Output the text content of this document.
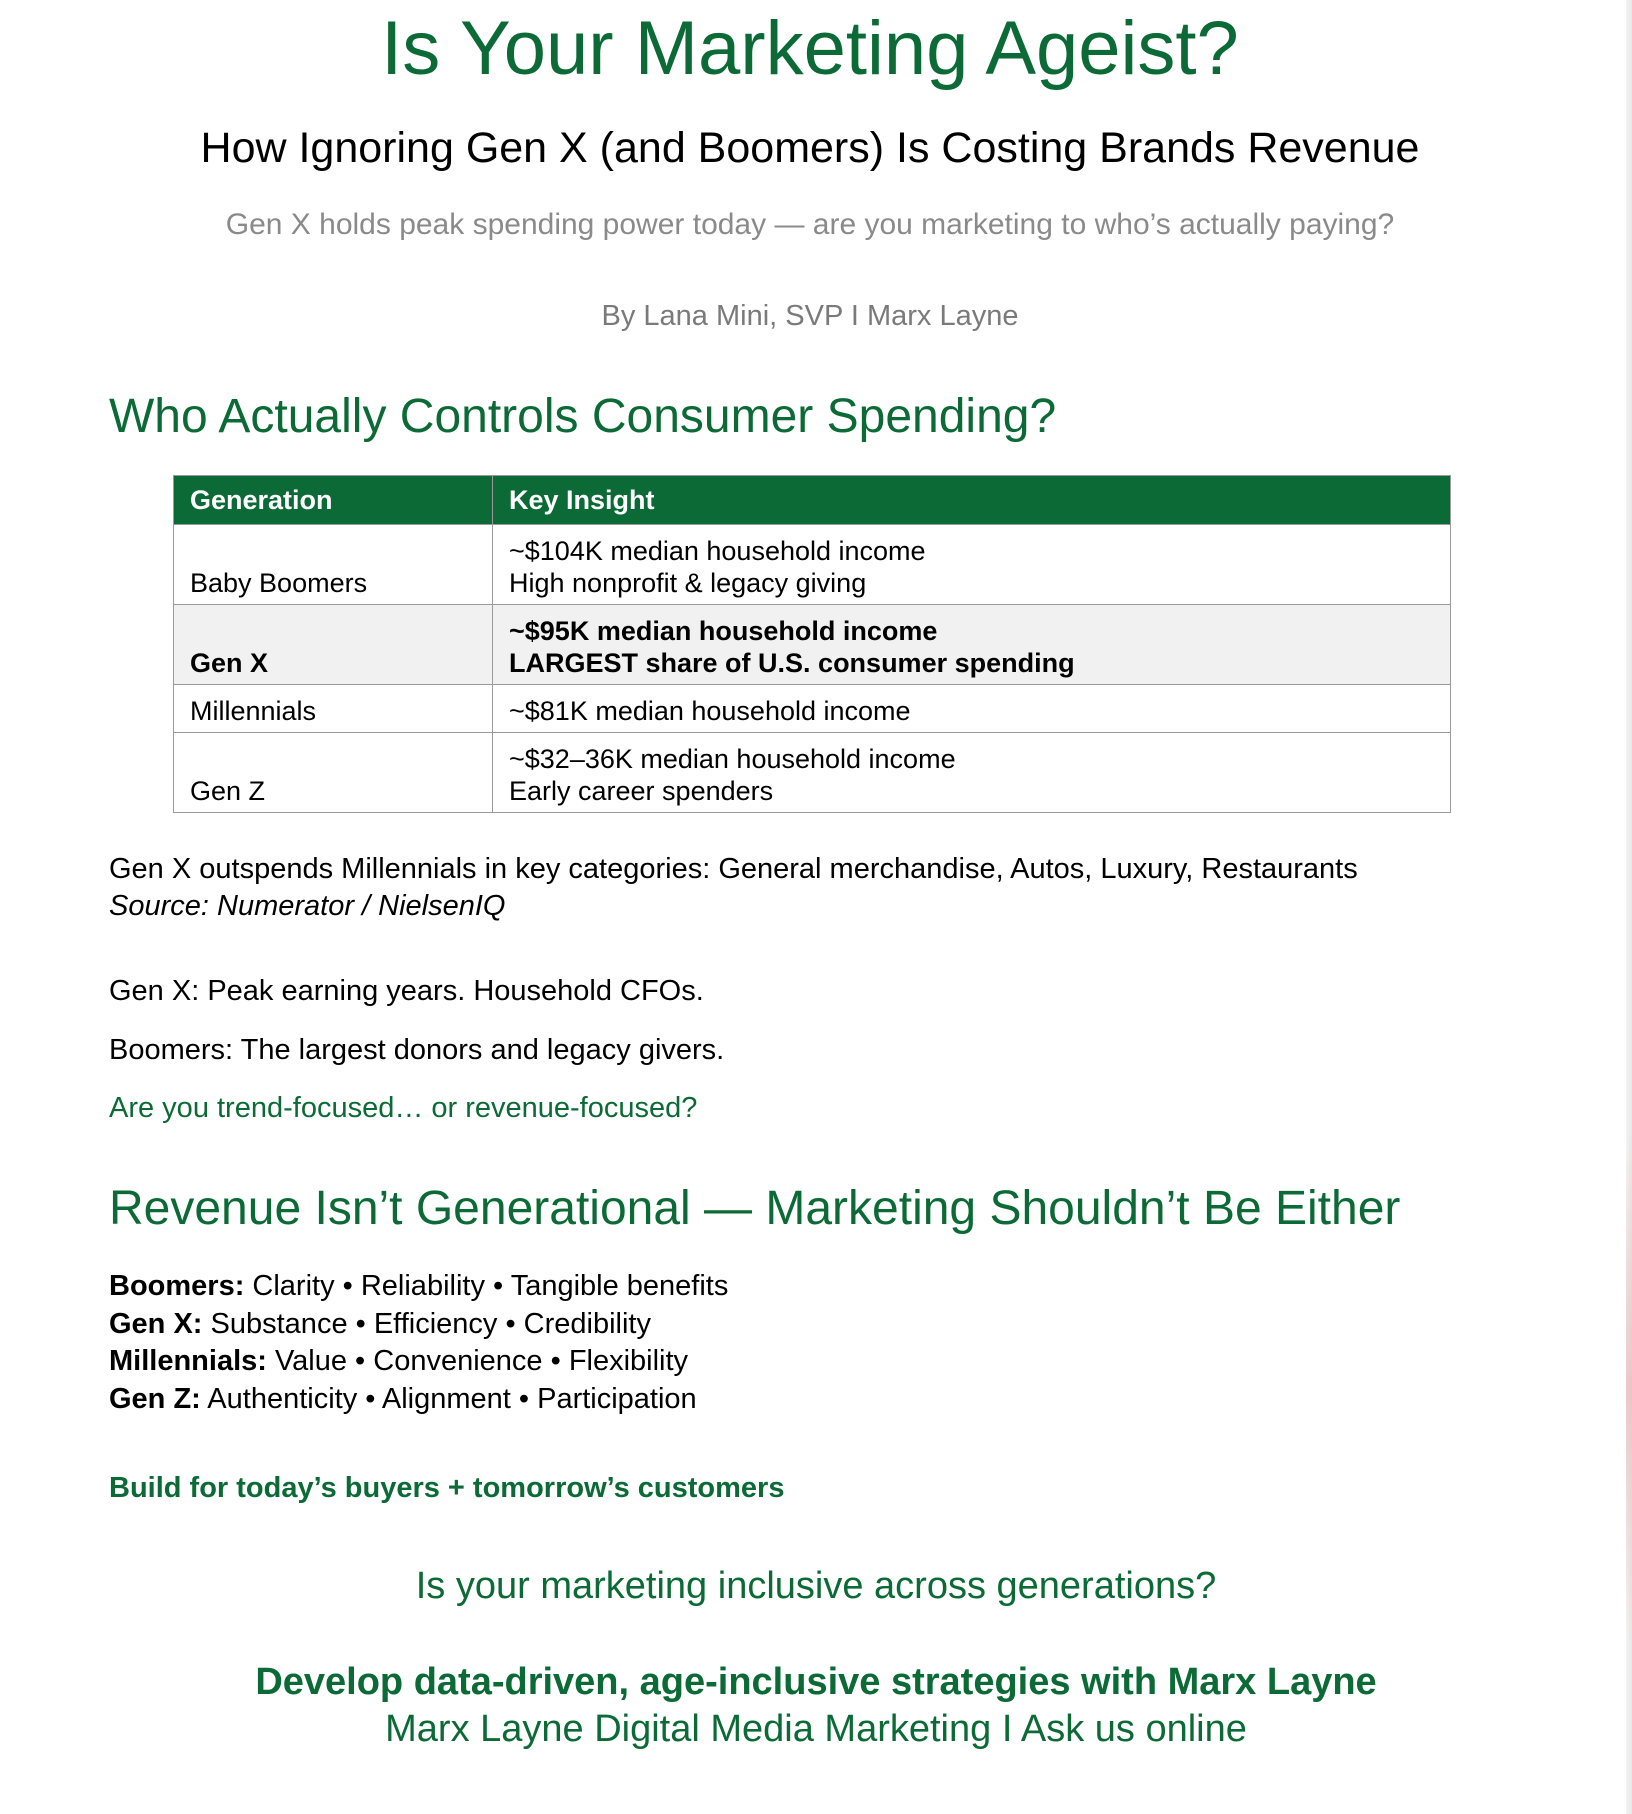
Is Your Marketing Ageist?
How Ignoring Gen X (and Boomers) Is Costing Brands Revenue
Gen X holds peak spending power today — are you marketing to who’s actually paying?
By Lana Mini, SVP I Marx Layne
Who Actually Controls Consumer Spending?
Generation	Key Insight
Baby Boomers	~$104K median household income
High nonprofit & legacy giving

Gen X	~$95K median household income
LARGEST share of U.S. consumer spending

Millennials	~$81K median household income

Gen Z	~$32–36K median household income
Early career spenders
Gen X outspends Millennials in key categories: General merchandise, Autos, Luxury, Restaurants
Source: Numerator / NielsenIQ
Gen X: Peak earning years. Household CFOs.
Boomers: The largest donors and legacy givers.
Are you trend-focused… or revenue-focused?
Revenue Isn’t Generational — Marketing Shouldn’t Be Either
Boomers: Clarity • Reliability • Tangible benefits
Gen X: Substance • Efficiency • Credibility
Millennials: Value • Convenience • Flexibility
Gen Z: Authenticity • Alignment • Participation
Build for today’s buyers + tomorrow’s customers
Is your marketing inclusive across generations?
Develop data-driven, age-inclusive strategies with Marx Layne
Marx Layne Digital Media Marketing I Ask us online
